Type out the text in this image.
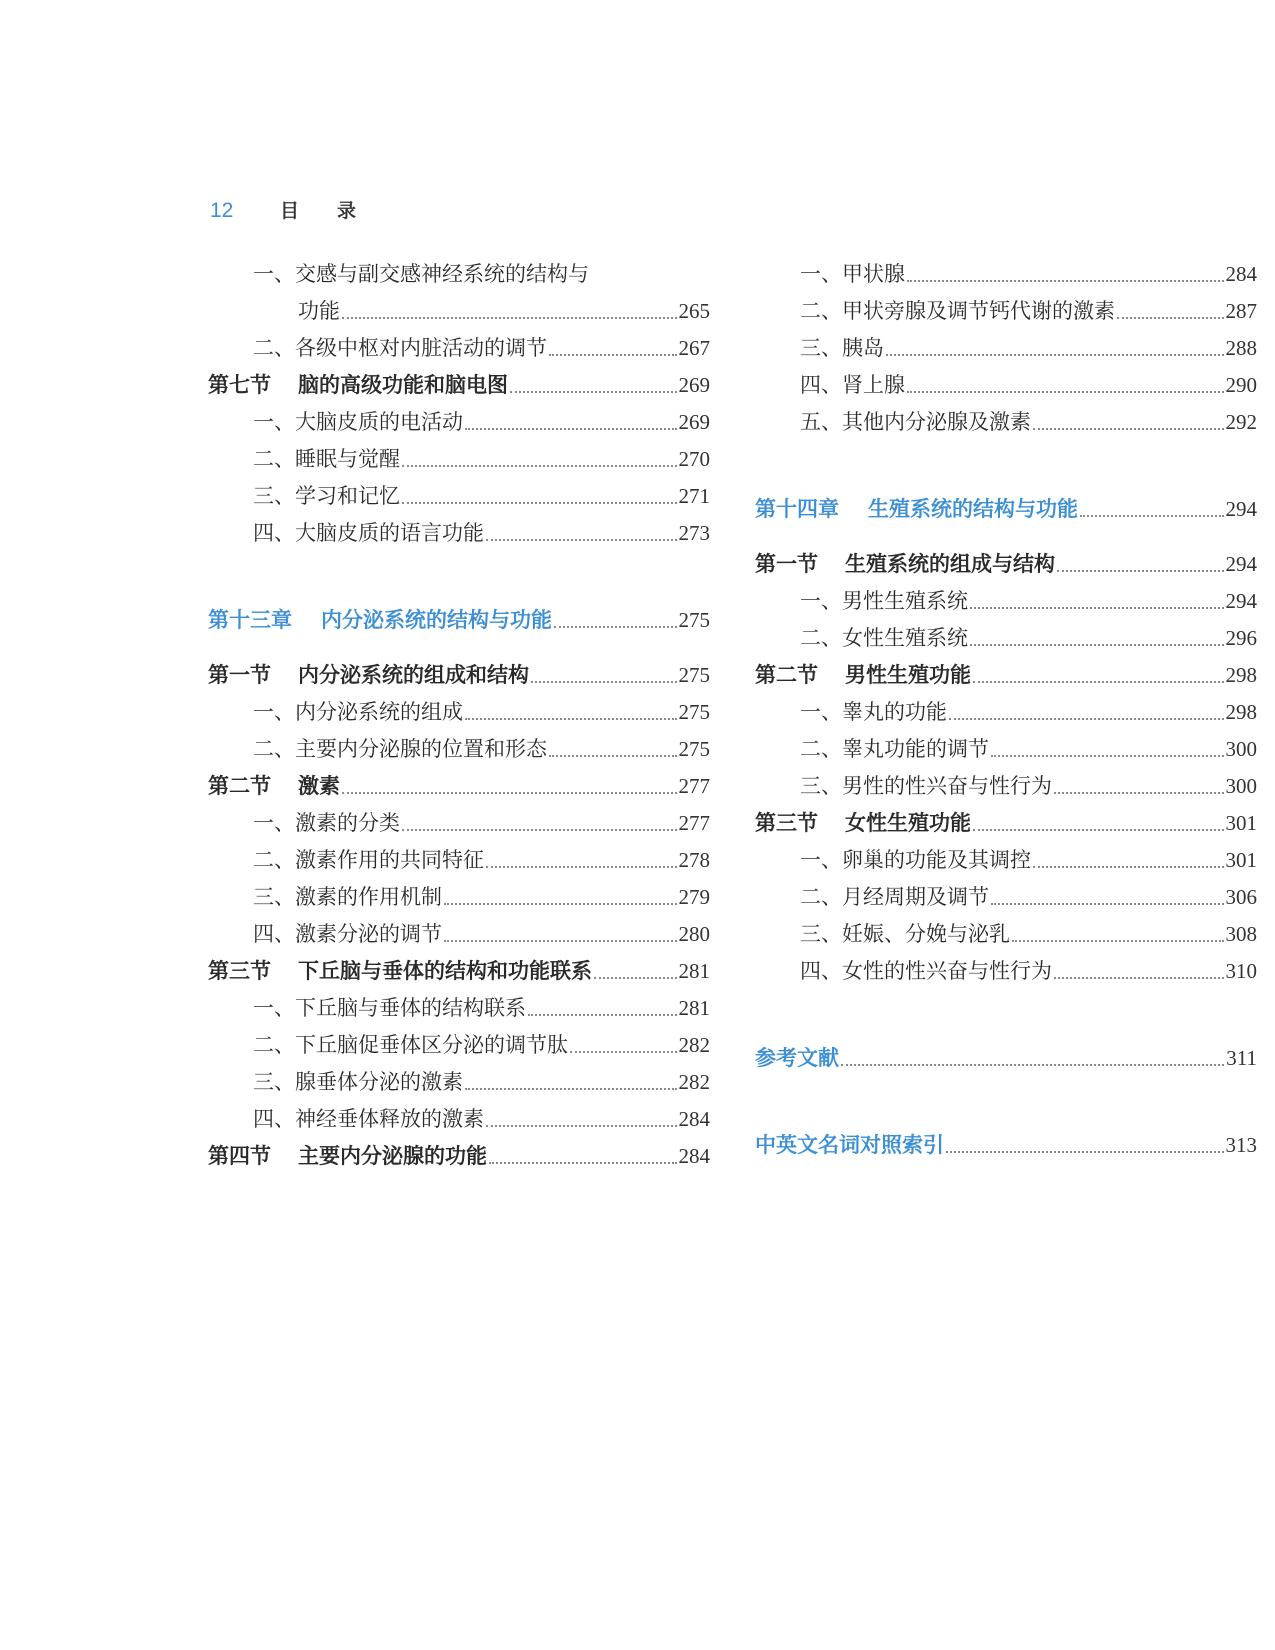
12	目录
一、交感与副交感神经系统的结构与
功能	265
二、各级中枢对内脏活动的调节	267
第七节 脑的高级功能和脑电图	269
一、大脑皮质的电活动	269
二、睡眠与觉醒	270
三、学习和记忆	271
四、大脑皮质的语言功能	273
第十三章 内分泌系统的结构与功能	275
第一节 内分泌系统的组成和结构	275
一、内分泌系统的组成	275
二、主要内分泌腺的位置和形态	275
第二节 激素	277
一、激素的分类	277
二、激素作用的共同特征	278
三、激素的作用机制	279
四、激素分泌的调节	280
第三节 下丘脑与垂体的结构和功能联系	281
一、下丘脑与垂体的结构联系	281
二、下丘脑促垂体区分泌的调节肽	282
三、腺垂体分泌的激素	282
四、神经垂体释放的激素	284
第四节 主要内分泌腺的功能	284
一、甲状腺	284
二、甲状旁腺及调节钙代谢的激素	287
三、胰岛	288
四、肾上腺	290
五、其他内分泌腺及激素	292
第十四章 生殖系统的结构与功能	294
第一节 生殖系统的组成与结构	294
一、男性生殖系统	294
二、女性生殖系统	296
第二节 男性生殖功能	298
一、睾丸的功能	298
二、睾丸功能的调节	300
三、男性的性兴奋与性行为	300
第三节 女性生殖功能	301
一、卵巢的功能及其调控	301
二、月经周期及调节	306
三、妊娠、分娩与泌乳	308
四、女性的性兴奋与性行为	310
参考文献	311
中英文名词对照索引	313
